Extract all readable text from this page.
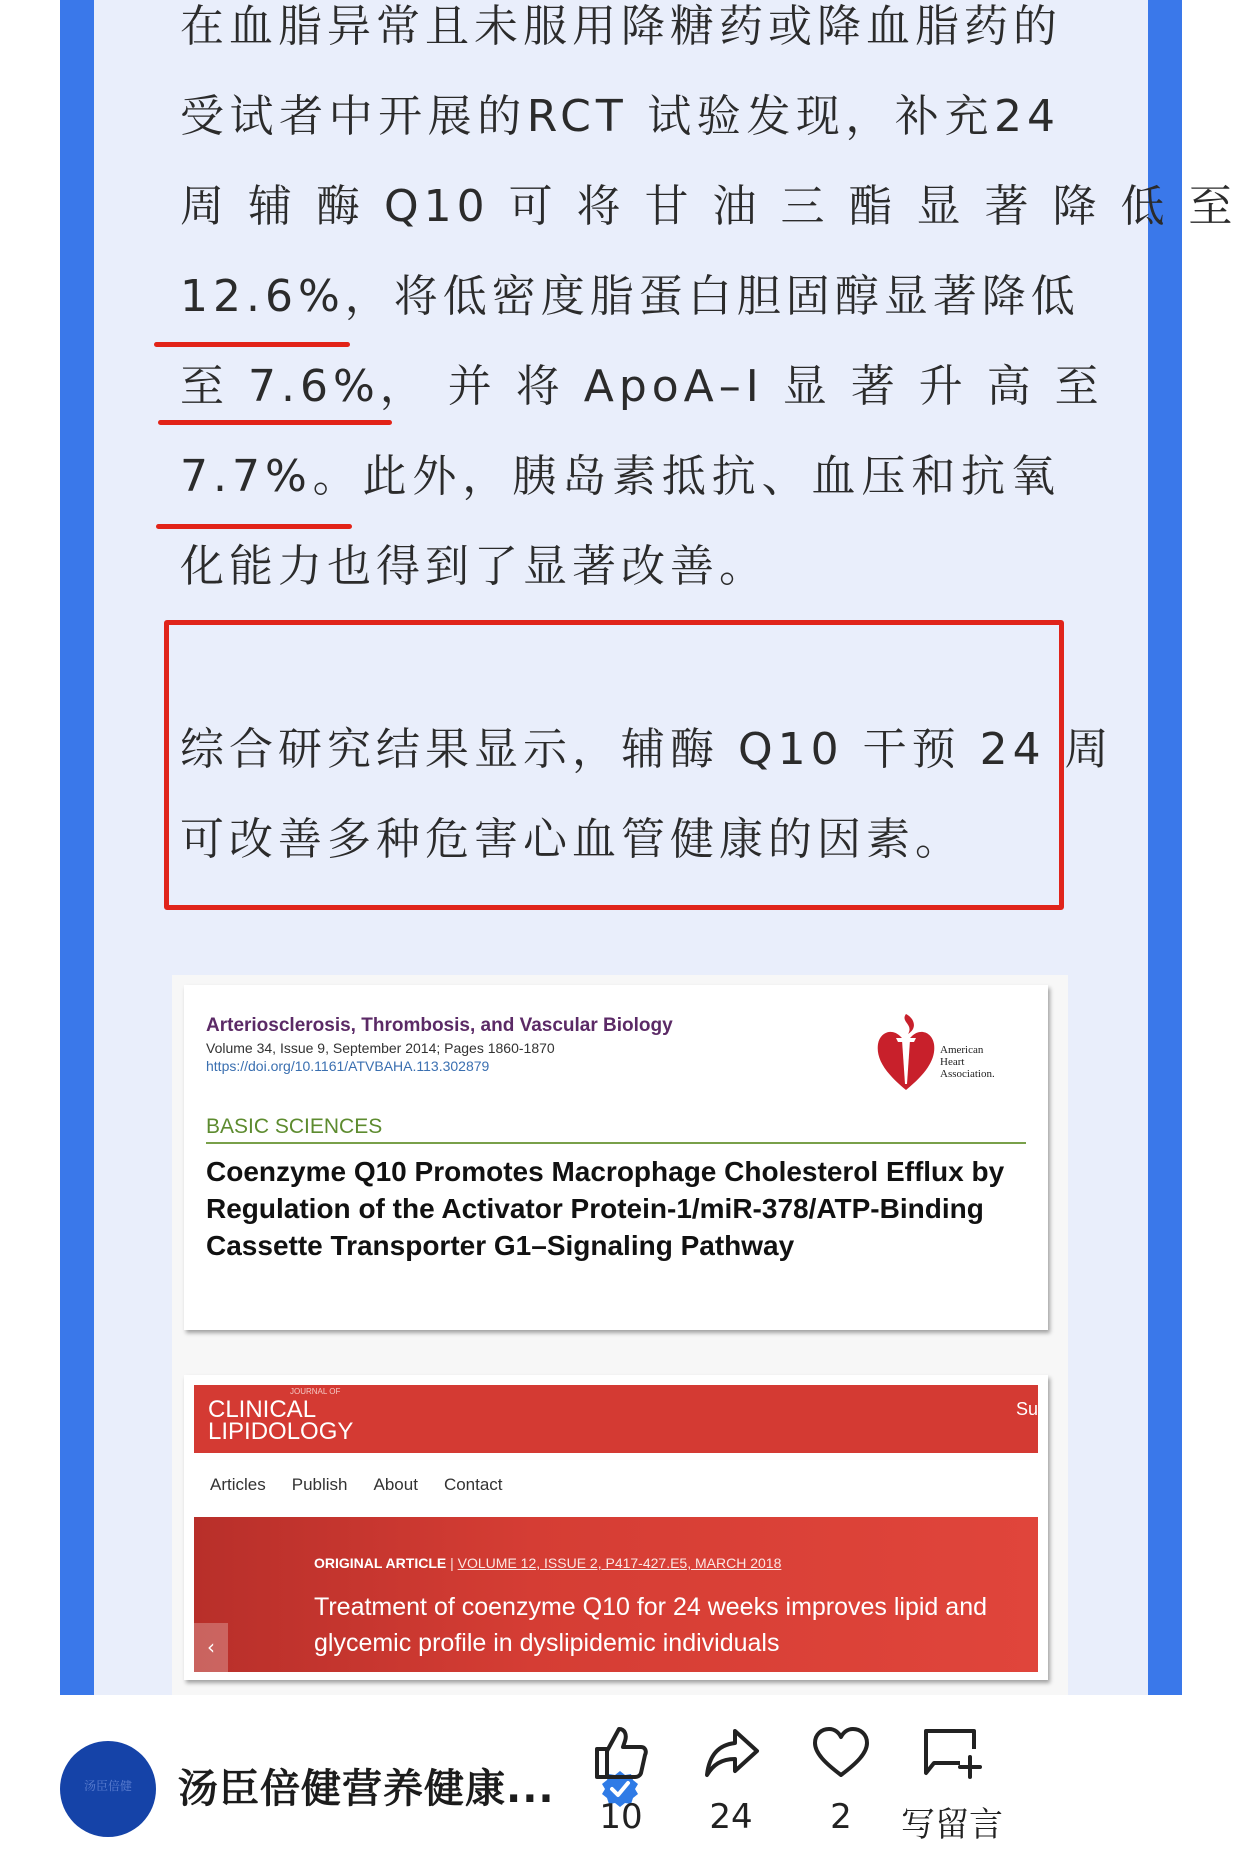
在血脂异常且未服用降糖药或降血脂药的
受试者中开展的RCT 试验发现，补充24
周 辅 酶 Q10 可 将 甘 油 三 酯 显 著 降 低 至
12.6%，将低密度脂蛋白胆固醇显著降低
至 7.6%， 并 将 ApoA–I 显 著 升 高 至
7.7%。此外，胰岛素抵抗、血压和抗氧
化能力也得到了显著改善。
综合研究结果显示，辅酶 Q10 干预 24 周
可改善多种危害心血管健康的因素。
Arteriosclerosis, Thrombosis, and Vascular Biology
Volume 34, Issue 9, September 2014; Pages 1860-1870
https://doi.org/10.1161/ATVBAHA.113.302879
American
Heart
Association.
BASIC SCIENCES
Coenzyme Q10 Promotes Macrophage Cholesterol Efflux by Regulation of the Activator Protein-1/miR-378/ATP-Binding Cassette Transporter G1–Signaling Pathway
JOURNAL OF
CLINICAL
LIPIDOLOGY
Su
Articles Publish About Contact
ORIGINAL ARTICLE | VOLUME 12, ISSUE 2, P417-427.E5, MARCH 2018
Treatment of coenzyme Q10 for 24 weeks improves lipid and glycemic profile in dyslipidemic individuals
‹
汤臣倍健	汤臣倍健营养健康...
10	24	2	写留言
